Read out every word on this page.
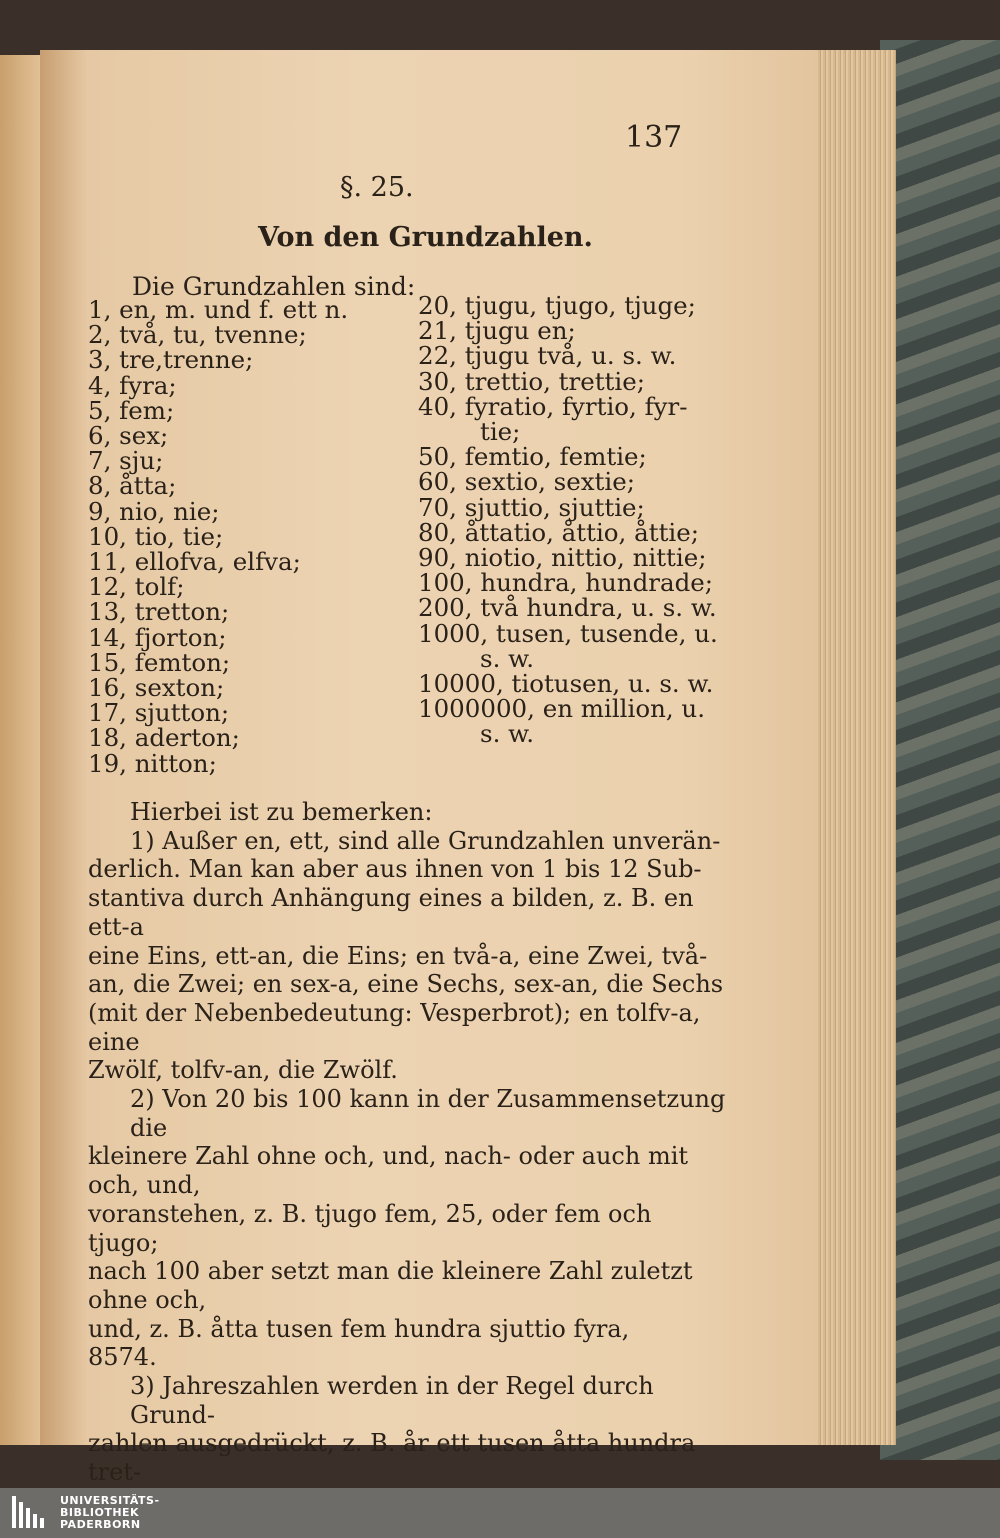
137
§. 25.
Von den Grundzahlen.
Die Grundzahlen sind:
1, en, m. und f. ett n.
2, två, tu, tvenne;
3, tre,trenne;
4, fyra;
5, fem;
6, sex;
7, sju;
8, åtta;
9, nio, nie;
10, tio, tie;
11, ellofva, elfva;
12, tolf;
13, tretton;
14, fjorton;
15, femton;
16, sexton;
17, sjutton;
18, aderton;
19, nitton;
20, tjugu, tjugo, tjuge;
21, tjugu en;
22, tjugu två, u. s. w.
30, trettio, trettie;
40, fyratio, fyrtio, fyr-
tie;
50, femtio, femtie;
60, sextio, sextie;
70, sjuttio, sjuttie;
80, åttatio, åttio, åttie;
90, niotio, nittio, nittie;
100, hundra, hundrade;
200, två hundra, u. s. w.
1000, tusen, tusende, u.
s. w.
10000, tiotusen, u. s. w.
1000000, en million, u.
s. w.

Hierbei ist zu bemerken:

1) Außer en, ett, sind alle Grundzahlen unverän-

derlich. Man kan aber aus ihnen von 1 bis 12 Sub-

stantiva durch Anhängung eines a bilden, z. B. en ett-a

eine Eins, ett-an, die Eins; en två-a, eine Zwei, två-

an, die Zwei; en sex-a, eine Sechs, sex-an, die Sechs

(mit der Nebenbedeutung: Vesperbrot); en tolfv-a, eine

Zwölf, tolfv-an, die Zwölf.

2) Von 20 bis 100 kann in der Zusammensetzung die

kleinere Zahl ohne och, und, nach- oder auch mit och, und,

voranstehen, z. B. tjugo fem, 25, oder fem och tjugo;

nach 100 aber setzt man die kleinere Zahl zuletzt ohne och,

und, z. B. åtta tusen fem hundra sjuttio fyra,

8574.

3) Jahreszahlen werden in der Regel durch Grund-

zahlen ausgedrückt, z. B. år ett tusen åtta hundra tret-

UNIVERSITÄTS-
BIBLIOTHEK
PADERBORN
